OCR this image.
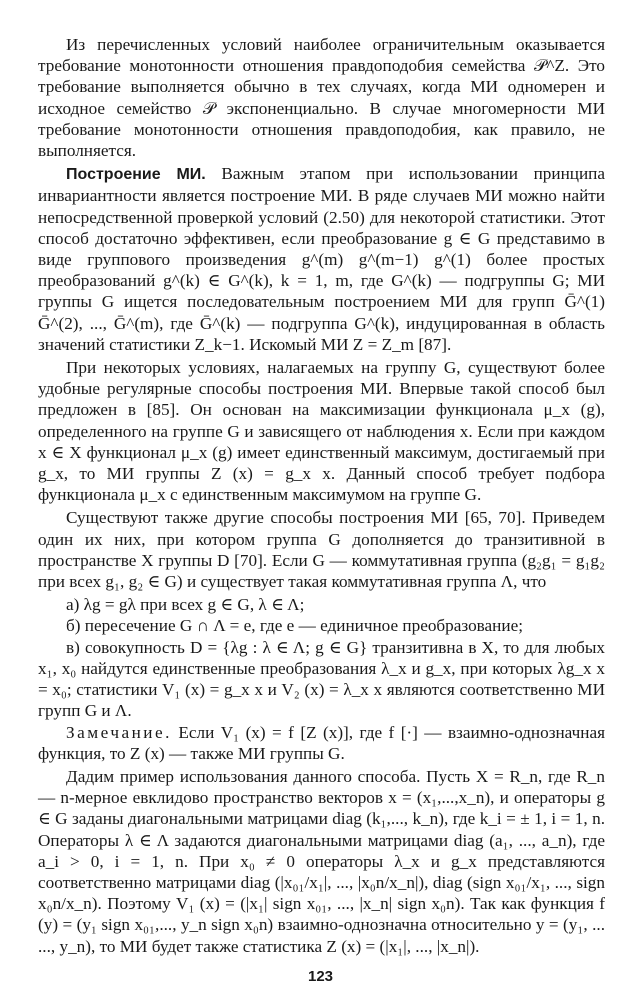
Из перечисленных условий наиболее ограничительным оказывается требование монотонности отношения правдоподобия семейства 𝒫^Z. Это требование выполняется обычно в тех случаях, когда МИ одномерен и исходное семейство 𝒫 экспоненциально. В случае многомерности МИ требование монотонности отношения правдоподобия, как правило, не выполняется.

Построение МИ. Важным этапом при использовании принципа инвариантности является построение МИ. В ряде случаев МИ можно найти непосредственной проверкой условий (2.50) для некоторой статистики. Этот способ достаточно эффективен, если преобразование g ∈ G представимо в виде группового произведения g^(m) g^(m−1) g^(1) более простых преобразований g^(k) ∈ G^(k), k = 1, m, где G^(k) — подгруппы G; МИ группы G ищется последовательным построением МИ для групп Ḡ^(1) Ḡ^(2), ..., Ḡ^(m), где Ḡ^(k) — подгруппа G^(k), индуцированная в область значений статистики Z_k−1. Искомый МИ Z = Z_m [87].

При некоторых условиях, налагаемых на группу G, существуют более удобные регулярные способы построения МИ. Впервые такой способ был предложен в [85]. Он основан на максимизации функционала μ_x (g), определенного на группе G и зависящего от наблюдения x. Если при каждом x ∈ X функционал μ_x (g) имеет единственный максимум, достигаемый при g_x, то МИ группы Z (x) = g_x x. Данный способ требует подбора функционала μ_x с единственным максимумом на группе G.

Существуют также другие способы построения МИ [65, 70]. Приведем один их них, при котором группа G дополняется до транзитивной в пространстве X группы D [70]. Если G — коммутативная группа (g₂g₁ = g₁g₂ при всех g₁, g₂ ∈ G) и существует такая коммутативная группа Λ, что

а) λg = gλ при всех g ∈ G, λ ∈ Λ;

б) пересечение G ∩ Λ = e, где e — единичное преобразование;

в) совокупность D = {λg : λ ∈ Λ; g ∈ G} транзитивна в X, то для любых x₁, x₀ найдутся единственные преобразования λ_x и g_x, при которых λg_x x = x₀; статистики V₁ (x) = g_x x и V₂ (x) = λ_x x являются соответственно МИ групп G и Λ.

Замечание. Если V₁ (x) = f [Z (x)], где f [·] — взаимно-однозначная функция, то Z (x) — также МИ группы G.

Дадим пример использования данного способа. Пусть X = R_n, где R_n — n-мерное евклидово пространство векторов x = (x₁,...,x_n), и операторы g ∈ G заданы диагональными матрицами diag (k₁,..., k_n), где k_i = ± 1, i = 1, n. Операторы λ ∈ Λ задаются диагональными матрицами diag (a₁, ..., a_n), где a_i > 0, i = 1, n. При x₀ ≠ 0 операторы λ_x и g_x представляются соответственно матрицами diag (|x₀₁/x₁|, ..., |x₀n/x_n|), diag (sign x₀₁/x₁, ..., sign x₀n/x_n). Поэтому V₁ (x) = (|x₁| sign x₀₁, ..., |x_n| sign x₀n). Так как функция f (y) = (y₁ sign x₀₁,..., y_n sign x₀n) взаимно-однозначна относительно y = (y₁, ... ..., y_n), то МИ будет также статистика Z (x) = (|x₁|, ..., |x_n|).

123
